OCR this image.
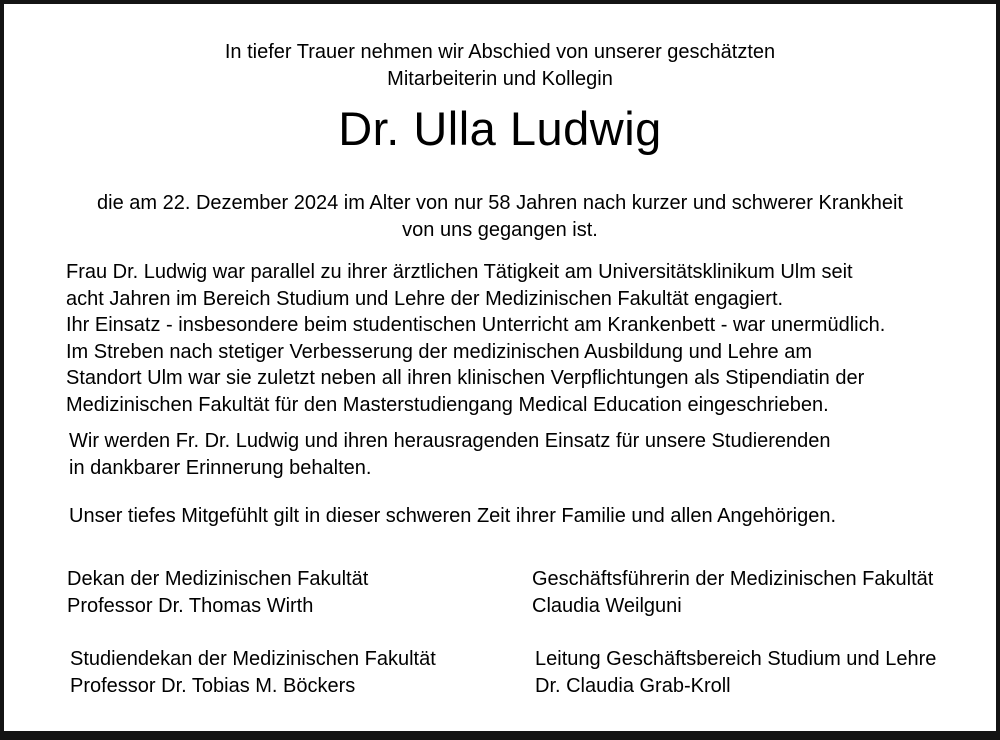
In tiefer Trauer nehmen wir Abschied von unserer geschätzten
Mitarbeiterin und Kollegin
Dr. Ulla Ludwig
die am 22. Dezember 2024 im Alter von nur 58 Jahren nach kurzer und schwerer Krankheit
von uns gegangen ist.
Frau Dr. Ludwig war parallel zu ihrer ärztlichen Tätigkeit am Universitätsklinikum Ulm seit
acht Jahren im Bereich Studium und Lehre der Medizinischen Fakultät engagiert.
Ihr Einsatz - insbesondere beim studentischen Unterricht am Krankenbett - war unermüdlich.
Im Streben nach stetiger Verbesserung der medizinischen Ausbildung und Lehre am
Standort Ulm war sie zuletzt neben all ihren klinischen Verpflichtungen als Stipendiatin der
Medizinischen Fakultät für den Masterstudiengang Medical Education eingeschrieben.
Wir werden Fr. Dr. Ludwig und ihren herausragenden Einsatz für unsere Studierenden
in dankbarer Erinnerung behalten.
Unser tiefes Mitgefühlt gilt in dieser schweren Zeit ihrer Familie und allen Angehörigen.
Dekan der Medizinischen Fakultät
Professor Dr. Thomas Wirth
Geschäftsführerin der Medizinischen Fakultät
Claudia Weilguni
Studiendekan der Medizinischen Fakultät
Professor Dr. Tobias M. Böckers
Leitung Geschäftsbereich Studium und Lehre
Dr. Claudia Grab-Kroll
